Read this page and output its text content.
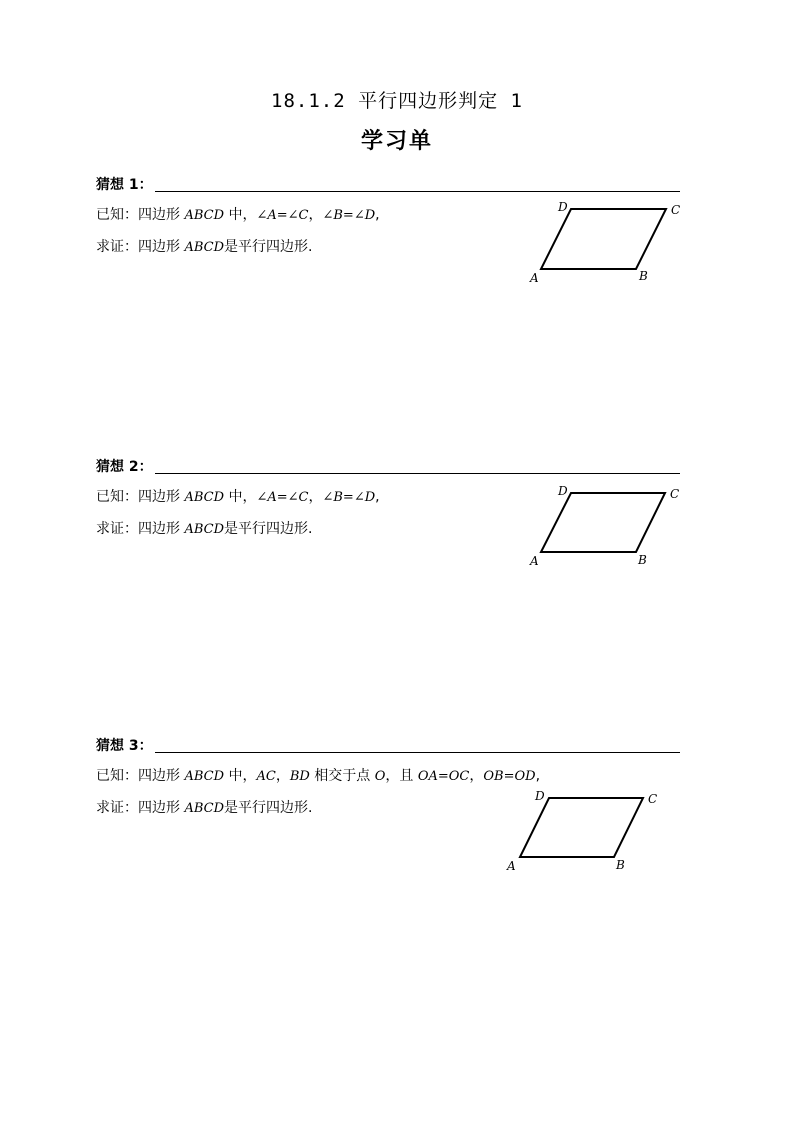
18.1.2 平行四边形判定 1
学习单
猜想 1：
已知：四边形 ABCD 中，∠A=∠C，∠B=∠D,
求证：四边形 ABCD是平行四边形.
A	B
C
D
猜想 2：
已知：四边形 ABCD 中，∠A=∠C，∠B=∠D,
求证：四边形 ABCD是平行四边形.
A	B
C
D
猜想 3：
已知：四边形 ABCD 中，AC，BD 相交于点 O，且 OA=OC，OB=OD,
求证：四边形 ABCD是平行四边形.
A	B
C
D
